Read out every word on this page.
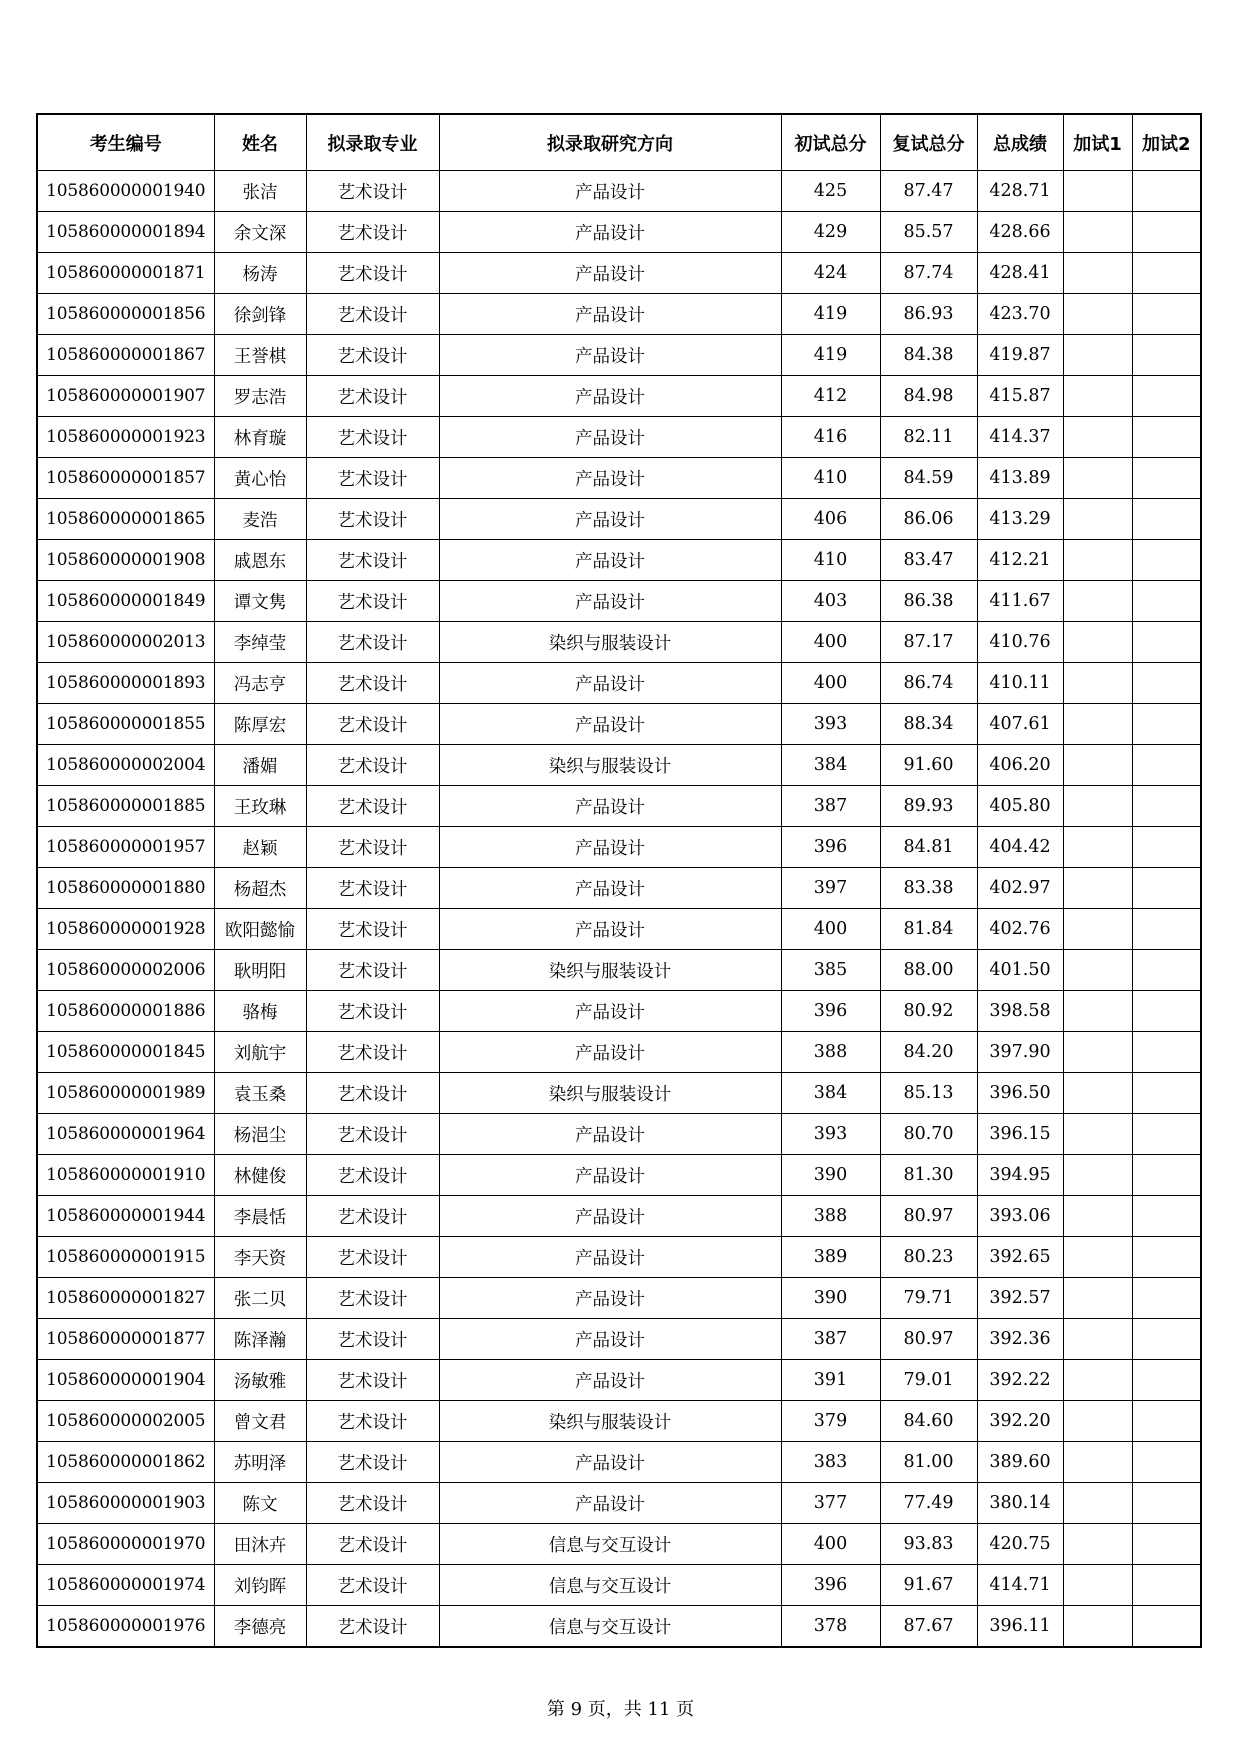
考生编号	姓名	拟录取专业	拟录取研究方向	初试总分	复试总分	总成绩	加试1	加试2
105860000001940	张洁	艺术设计	产品设计	425	87.47	428.71		
105860000001894	余文深	艺术设计	产品设计	429	85.57	428.66		
105860000001871	杨涛	艺术设计	产品设计	424	87.74	428.41		
105860000001856	徐剑锋	艺术设计	产品设计	419	86.93	423.70		
105860000001867	王誉棋	艺术设计	产品设计	419	84.38	419.87		
105860000001907	罗志浩	艺术设计	产品设计	412	84.98	415.87		
105860000001923	林育璇	艺术设计	产品设计	416	82.11	414.37		
105860000001857	黄心怡	艺术设计	产品设计	410	84.59	413.89		
105860000001865	麦浩	艺术设计	产品设计	406	86.06	413.29		
105860000001908	戚恩东	艺术设计	产品设计	410	83.47	412.21		
105860000001849	谭文隽	艺术设计	产品设计	403	86.38	411.67		
105860000002013	李绰莹	艺术设计	染织与服装设计	400	87.17	410.76		
105860000001893	冯志亨	艺术设计	产品设计	400	86.74	410.11		
105860000001855	陈厚宏	艺术设计	产品设计	393	88.34	407.61		
105860000002004	潘媚	艺术设计	染织与服装设计	384	91.60	406.20		
105860000001885	王玫琳	艺术设计	产品设计	387	89.93	405.80		
105860000001957	赵颖	艺术设计	产品设计	396	84.81	404.42		
105860000001880	杨超杰	艺术设计	产品设计	397	83.38	402.97		
105860000001928	欧阳懿愉	艺术设计	产品设计	400	81.84	402.76		
105860000002006	耿明阳	艺术设计	染织与服装设计	385	88.00	401.50		
105860000001886	骆梅	艺术设计	产品设计	396	80.92	398.58		
105860000001845	刘航宇	艺术设计	产品设计	388	84.20	397.90		
105860000001989	袁玉桑	艺术设计	染织与服装设计	384	85.13	396.50		
105860000001964	杨浥尘	艺术设计	产品设计	393	80.70	396.15		
105860000001910	林健俊	艺术设计	产品设计	390	81.30	394.95		
105860000001944	李晨恬	艺术设计	产品设计	388	80.97	393.06		
105860000001915	李天资	艺术设计	产品设计	389	80.23	392.65		
105860000001827	张二贝	艺术设计	产品设计	390	79.71	392.57		
105860000001877	陈泽瀚	艺术设计	产品设计	387	80.97	392.36		
105860000001904	汤敏雅	艺术设计	产品设计	391	79.01	392.22		
105860000002005	曾文君	艺术设计	染织与服装设计	379	84.60	392.20		
105860000001862	苏明泽	艺术设计	产品设计	383	81.00	389.60		
105860000001903	陈文	艺术设计	产品设计	377	77.49	380.14		
105860000001970	田沐卉	艺术设计	信息与交互设计	400	93.83	420.75		
105860000001974	刘钧晖	艺术设计	信息与交互设计	396	91.67	414.71		
105860000001976	李德亮	艺术设计	信息与交互设计	378	87.67	396.11		
第 9 页，共 11 页
